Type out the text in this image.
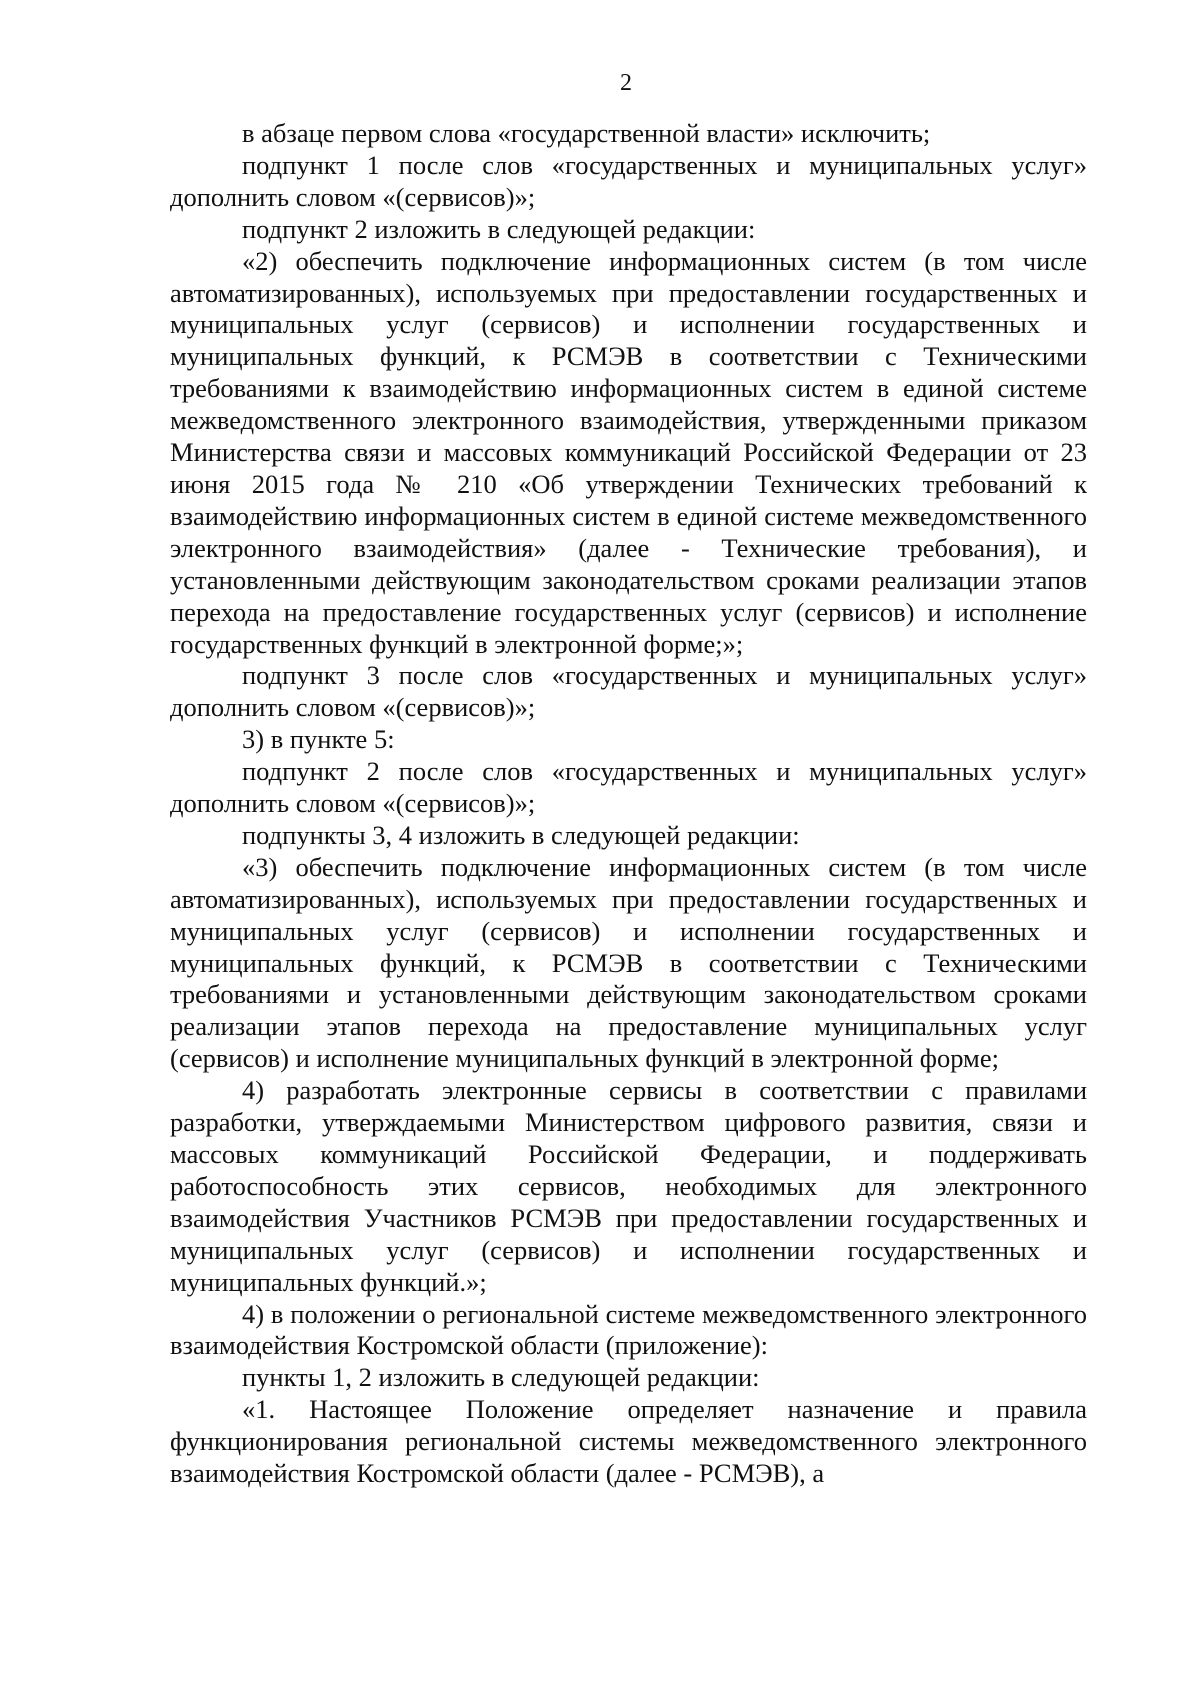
2

в абзаце первом слова «государственной власти» исключить;

подпункт 1 после слов «государственных и муниципальных услуг» дополнить словом «(сервисов)»;

подпункт 2 изложить в следующей редакции:

«2) обеспечить подключение информационных систем (в том числе автоматизированных), используемых при предоставлении государственных и муниципальных услуг (сервисов) и исполнении государственных и муниципальных функций, к РСМЭВ в соответствии с Техническими требованиями к взаимодействию информационных систем в единой системе межведомственного электронного взаимодействия, утвержденными приказом Министерства связи и массовых коммуникаций Российской Федерации от 23 июня 2015 года № 210 «Об утверждении Технических требований к взаимодействию информационных систем в единой системе межведомственного электронного взаимодействия» (далее - Технические требования), и установленными действующим законодательством сроками реализации этапов перехода на предоставление государственных услуг (сервисов) и исполнение государственных функций в электронной форме;»;

подпункт 3 после слов «государственных и муниципальных услуг» дополнить словом «(сервисов)»;

3) в пункте 5:

подпункт 2 после слов «государственных и муниципальных услуг» дополнить словом «(сервисов)»;

подпункты 3, 4 изложить в следующей редакции:

«3) обеспечить подключение информационных систем (в том числе автоматизированных), используемых при предоставлении государственных и муниципальных услуг (сервисов) и исполнении государственных и муниципальных функций, к РСМЭВ в соответствии с Техническими требованиями и установленными действующим законодательством сроками реализации этапов перехода на предоставление муниципальных услуг (сервисов) и исполнение муниципальных функций в электронной форме;

4) разработать электронные сервисы в соответствии с правилами разработки, утверждаемыми Министерством цифрового развития, связи и массовых коммуникаций Российской Федерации, и поддерживать работоспособность этих сервисов, необходимых для электронного взаимодействия Участников РСМЭВ при предоставлении государственных и муниципальных услуг (сервисов) и исполнении государственных и муниципальных функций.»;

4) в положении о региональной системе межведомственного электронного взаимодействия Костромской области (приложение):

пункты 1, 2 изложить в следующей редакции:

«1. Настоящее Положение определяет назначение и правила функционирования региональной системы межведомственного электронного взаимодействия Костромской области (далее - РСМЭВ), а
